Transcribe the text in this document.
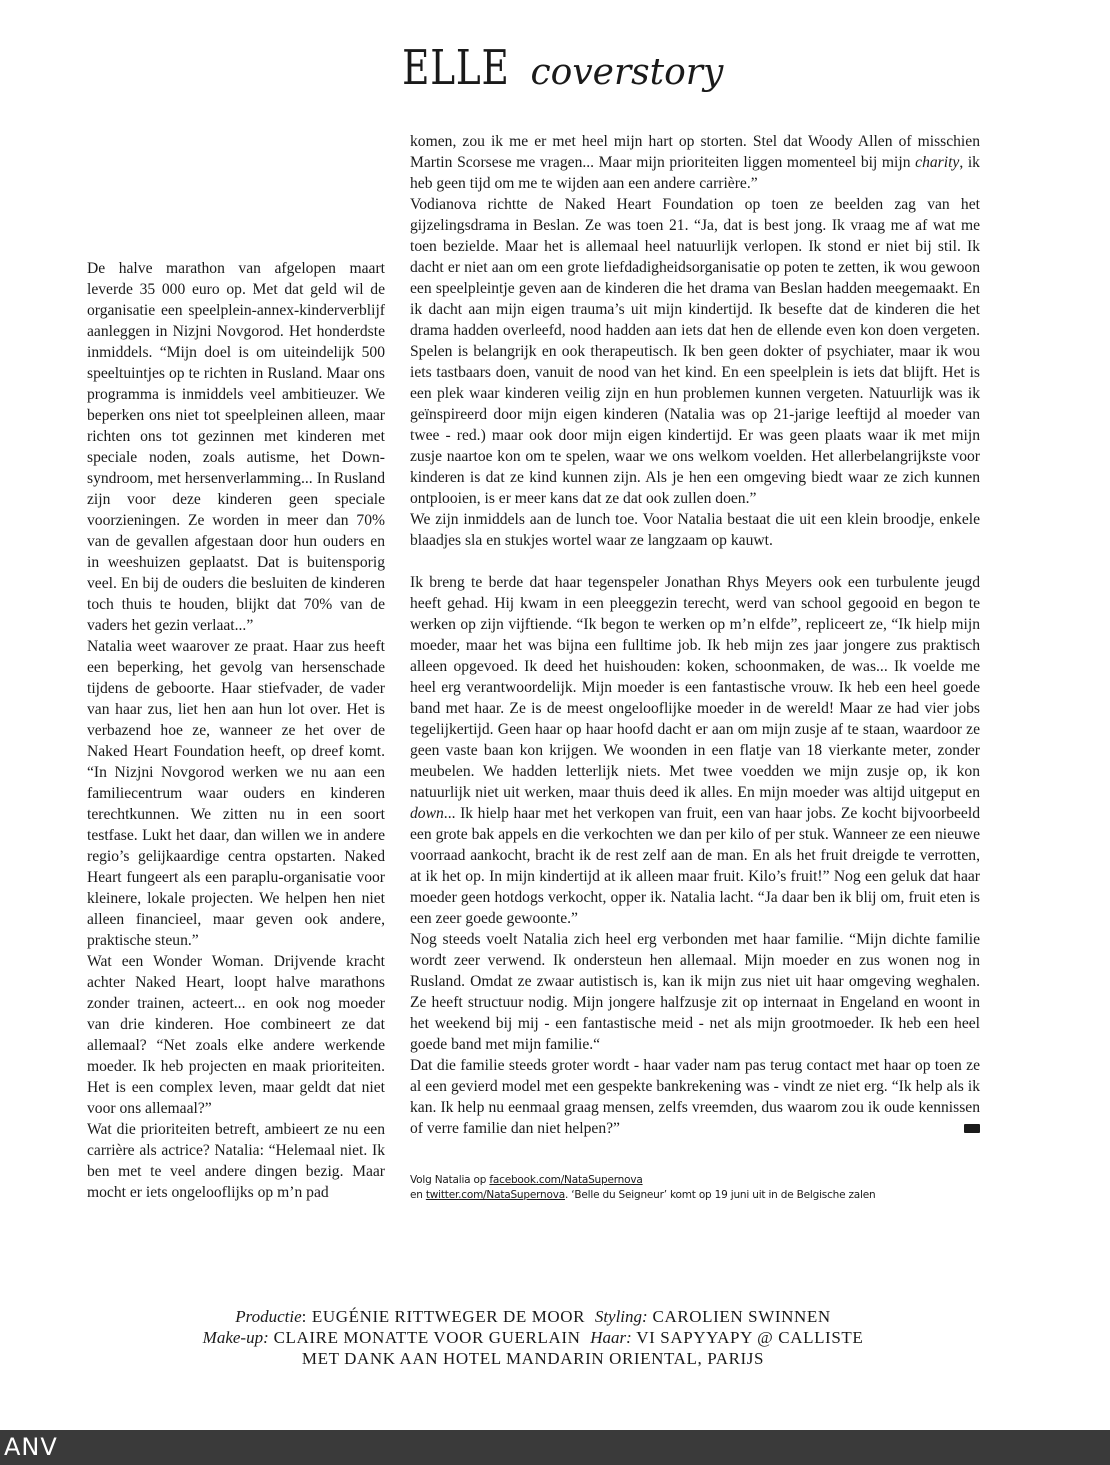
ELLE coverstory

De halve marathon van afgelopen maart leverde 35 000 euro op. Met dat geld wil de organisatie een speelplein-annex-kinderverblijf aanleggen in Nizjni Novgorod. Het honderdste inmiddels. “Mijn doel is om uiteindelijk 500 speeltuintjes op te richten in Rusland. Maar ons programma is inmiddels veel ambitieuzer. We beperken ons niet tot speelpleinen alleen, maar richten ons tot gezinnen met kinderen met speciale noden, zoals autisme, het Down-syndroom, met hersenverlamming... In Rusland zijn voor deze kinderen geen speciale voorzieningen. Ze worden in meer dan 70% van de gevallen afgestaan door hun ouders en in weeshuizen geplaatst. Dat is buitensporig veel. En bij de ouders die besluiten de kinderen toch thuis te houden, blijkt dat 70% van de vaders het gezin verlaat...”

Natalia weet waarover ze praat. Haar zus heeft een beperking, het gevolg van hersenschade tijdens de geboorte. Haar stiefvader, de vader van haar zus, liet hen aan hun lot over. Het is verbazend hoe ze, wanneer ze het over de Naked Heart Foundation heeft, op dreef komt. “In Nizjni Novgorod werken we nu aan een familiecentrum waar ouders en kinderen terechtkunnen. We zitten nu in een soort testfase. Lukt het daar, dan willen we in andere regio’s gelijkaardige centra opstarten. Naked Heart fungeert als een paraplu-organisatie voor kleinere, lokale projecten. We helpen hen niet alleen financieel, maar geven ook andere, praktische steun.”

Wat een Wonder Woman. Drijvende kracht achter Naked Heart, loopt halve marathons zonder trainen, acteert... en ook nog moeder van drie kinderen. Hoe combineert ze dat allemaal? “Net zoals elke andere werkende moeder. Ik heb projecten en maak prioriteiten. Het is een complex leven, maar geldt dat niet voor ons allemaal?”

Wat die prioriteiten betreft, ambieert ze nu een carrière als actrice? Natalia: “Helemaal niet. Ik ben met te veel andere dingen bezig. Maar mocht er iets ongelooflijks op m’n pad

komen, zou ik me er met heel mijn hart op storten. Stel dat Woody Allen of misschien Martin Scorsese me vragen... Maar mijn prioriteiten liggen momenteel bij mijn charity, ik heb geen tijd om me te wijden aan een andere carrière.”

Vodianova richtte de Naked Heart Foundation op toen ze beelden zag van het gijzelingsdrama in Beslan. Ze was toen 21. “Ja, dat is best jong. Ik vraag me af wat me toen bezielde. Maar het is allemaal heel natuurlijk verlopen. Ik stond er niet bij stil. Ik dacht er niet aan om een grote liefdadigheidsorganisatie op poten te zetten, ik wou gewoon een speelpleintje geven aan de kinderen die het drama van Beslan hadden meegemaakt. En ik dacht aan mijn eigen trauma’s uit mijn kindertijd. Ik besefte dat de kinderen die het drama hadden overleefd, nood hadden aan iets dat hen de ellende even kon doen vergeten. Spelen is belangrijk en ook therapeutisch. Ik ben geen dokter of psychiater, maar ik wou iets tastbaars doen, vanuit de nood van het kind. En een speelplein is iets dat blijft. Het is een plek waar kinderen veilig zijn en hun problemen kunnen vergeten. Natuurlijk was ik geïnspireerd door mijn eigen kinderen (Natalia was op 21-jarige leeftijd al moeder van twee - red.) maar ook door mijn eigen kindertijd. Er was geen plaats waar ik met mijn zusje naartoe kon om te spelen, waar we ons welkom voelden. Het allerbelangrijkste voor kinderen is dat ze kind kunnen zijn. Als je hen een omgeving biedt waar ze zich kunnen ontplooien, is er meer kans dat ze dat ook zullen doen.”

We zijn inmiddels aan de lunch toe. Voor Natalia bestaat die uit een klein broodje, enkele blaadjes sla en stukjes wortel waar ze langzaam op kauwt.

Ik breng te berde dat haar tegenspeler Jonathan Rhys Meyers ook een turbulente jeugd heeft gehad. Hij kwam in een pleeggezin terecht, werd van school gegooid en begon te werken op zijn vijftiende. “Ik begon te werken op m’n elfde”, repliceert ze, “Ik hielp mijn moeder, maar het was bijna een fulltime job. Ik heb mijn zes jaar jongere zus praktisch alleen opgevoed. Ik deed het huishouden: koken, schoonmaken, de was... Ik voelde me heel erg verantwoordelijk. Mijn moeder is een fantastische vrouw. Ik heb een heel goede band met haar. Ze is de meest ongelooflijke moeder in de wereld! Maar ze had vier jobs tegelijkertijd. Geen haar op haar hoofd dacht er aan om mijn zusje af te staan, waardoor ze geen vaste baan kon krijgen. We woonden in een flatje van 18 vierkante meter, zonder meubelen. We hadden letterlijk niets. Met twee voedden we mijn zusje op, ik kon natuurlijk niet uit werken, maar thuis deed ik alles. En mijn moeder was altijd uitgeput en down... Ik hielp haar met het verkopen van fruit, een van haar jobs. Ze kocht bijvoorbeeld een grote bak appels en die verkochten we dan per kilo of per stuk. Wanneer ze een nieuwe voorraad aankocht, bracht ik de rest zelf aan de man. En als het fruit dreigde te verrotten, at ik het op. In mijn kindertijd at ik alleen maar fruit. Kilo’s fruit!” Nog een geluk dat haar moeder geen hotdogs verkocht, opper ik. Natalia lacht. “Ja daar ben ik blij om, fruit eten is een zeer goede gewoonte.”

Nog steeds voelt Natalia zich heel erg verbonden met haar familie. “Mijn dichte familie wordt zeer verwend. Ik ondersteun hen allemaal. Mijn moeder en zus wonen nog in Rusland. Omdat ze zwaar autistisch is, kan ik mijn zus niet uit haar omgeving weghalen. Ze heeft structuur nodig. Mijn jongere halfzusje zit op internaat in Engeland en woont in het weekend bij mij - een fantastische meid - net als mijn grootmoeder. Ik heb een heel goede band met mijn familie.“

Dat die familie steeds groter wordt - haar vader nam pas terug contact met haar op toen ze al een gevierd model met een gespekte bankrekening was - vindt ze niet erg. “Ik help als ik kan. Ik help nu eenmaal graag mensen, zelfs vreemden, dus waarom zou ik oude kennissen of verre familie dan niet helpen?”

Volg Natalia op facebook.com/NataSupernova
en twitter.com/NataSupernova. ‘Belle du Seigneur’ komt op 19 juni uit in de Belgische zalen
Productie: EUGÉNIE RITTWEGER DE MOOR Styling: CAROLIEN SWINNEN
Make-up: CLAIRE MONATTE VOOR GUERLAIN Haar: VI SAPYYAPY @ CALLISTE
MET DANK AAN HOTEL MANDARIN ORIENTAL, PARIJS
ANV
